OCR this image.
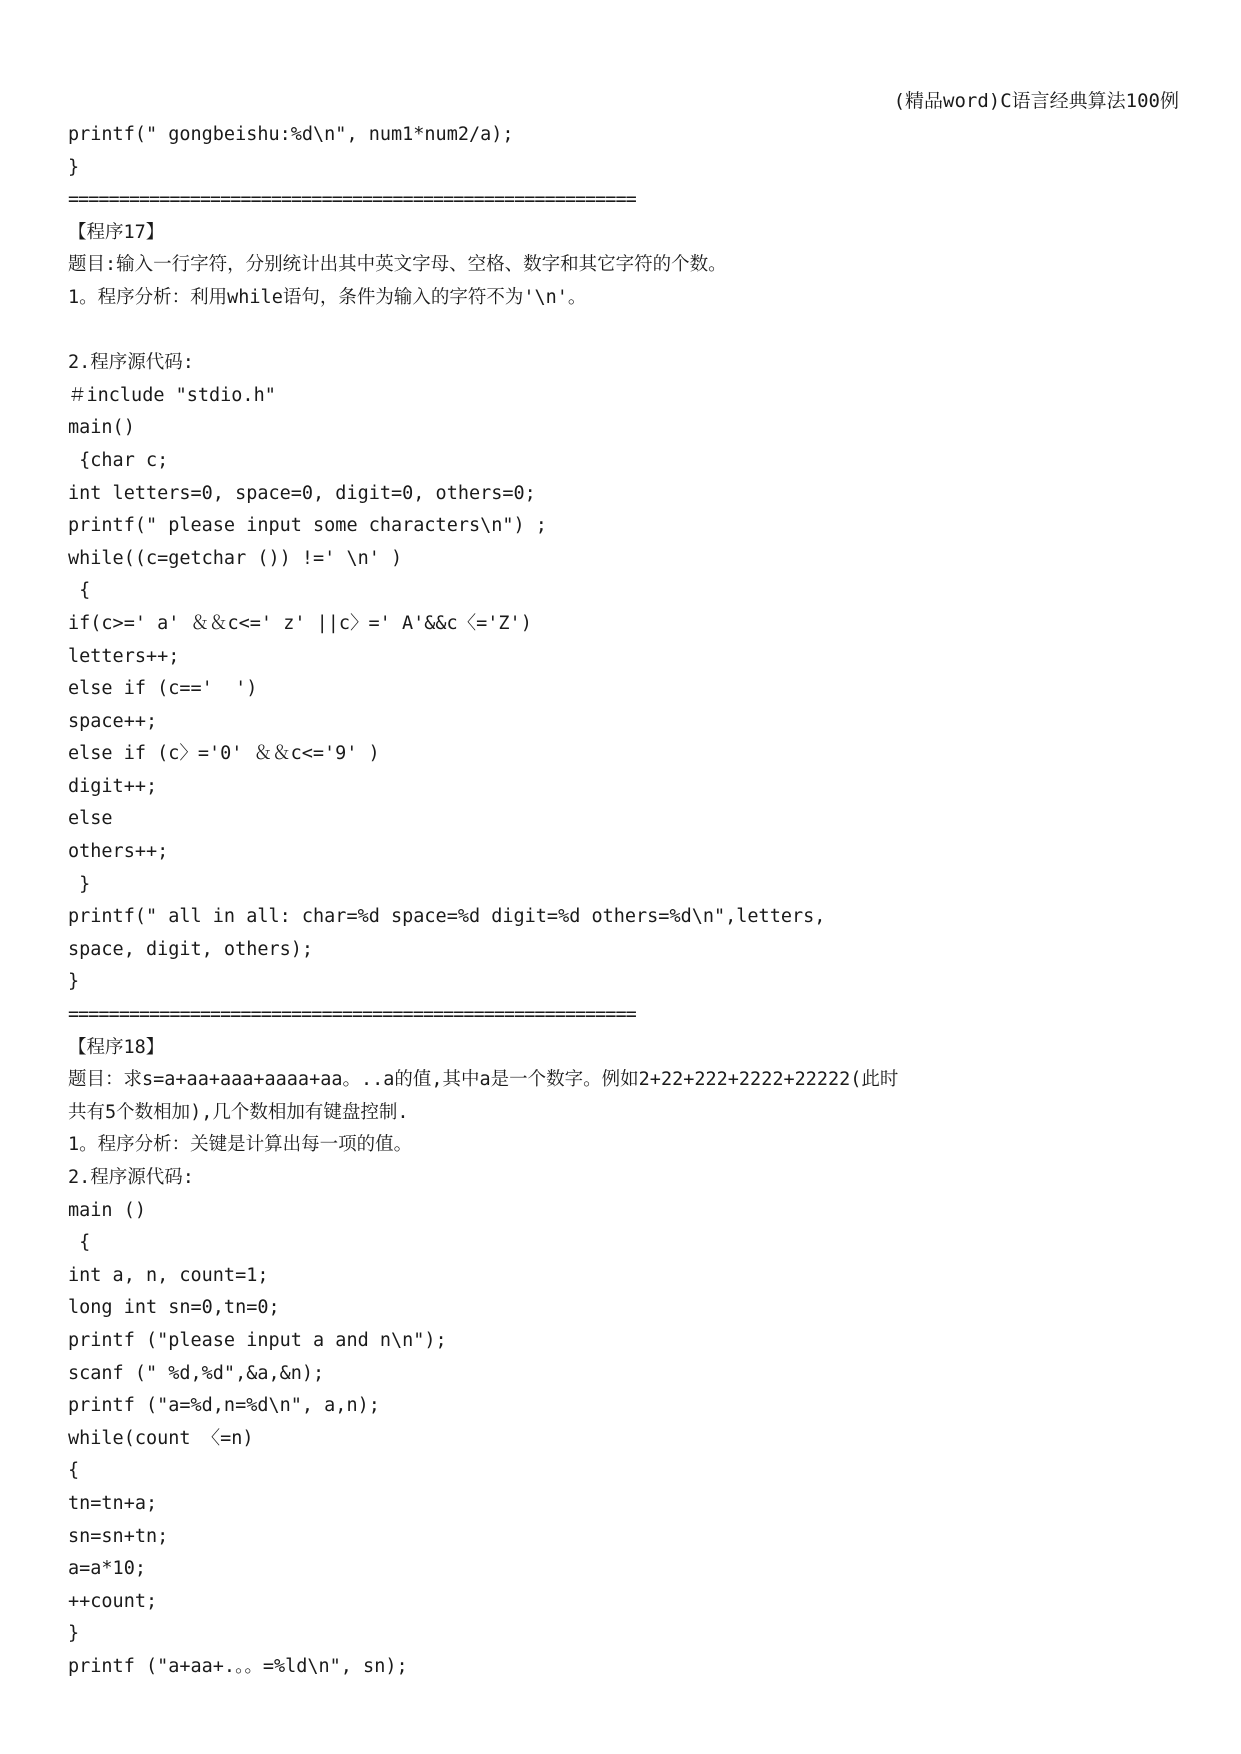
(精品word)C语言经典算法100例
printf(" gongbeishu:%d\n", num1*num2/a);
}
========================================================
【程序17】
题目:输入一行字符，分别统计出其中英文字母、空格、数字和其它字符的个数。
1。程序分析：利用while语句，条件为输入的字符不为'\n'。
2.程序源代码:
＃include "stdio.h"
main()
{char c;
int letters=0, space=0, digit=0, others=0;
printf(" please input some characters\n") ;
while((c=getchar ()) !=' \n' )
{
if(c>=' a' ＆＆c<=' z' ||c〉=' A'&&c〈='Z')
letters++;
else if (c=='  ')
space++;
else if (c〉='0' ＆＆c<='9' )
digit++;
else
others++;
}
printf(" all in all: char=%d space=%d digit=%d others=%d\n",letters,
space, digit, others);
}
========================================================
【程序18】
题目：求s=a+aa+aaa+aaaa+aa。..a的值,其中a是一个数字。例如2+22+222+2222+22222(此时
共有5个数相加),几个数相加有键盘控制.
1。程序分析：关键是计算出每一项的值。
2.程序源代码:
main ()
{
int a, n, count=1;
long int sn=0,tn=0;
printf ("please input a and n\n");
scanf (" %d,%d",&a,&n);
printf ("a=%d,n=%d\n", a,n);
while(count 〈=n)
{
tn=tn+a;
sn=sn+tn;
a=a*10;
++count;
}
printf ("a+aa+.。。=%ld\n", sn);
